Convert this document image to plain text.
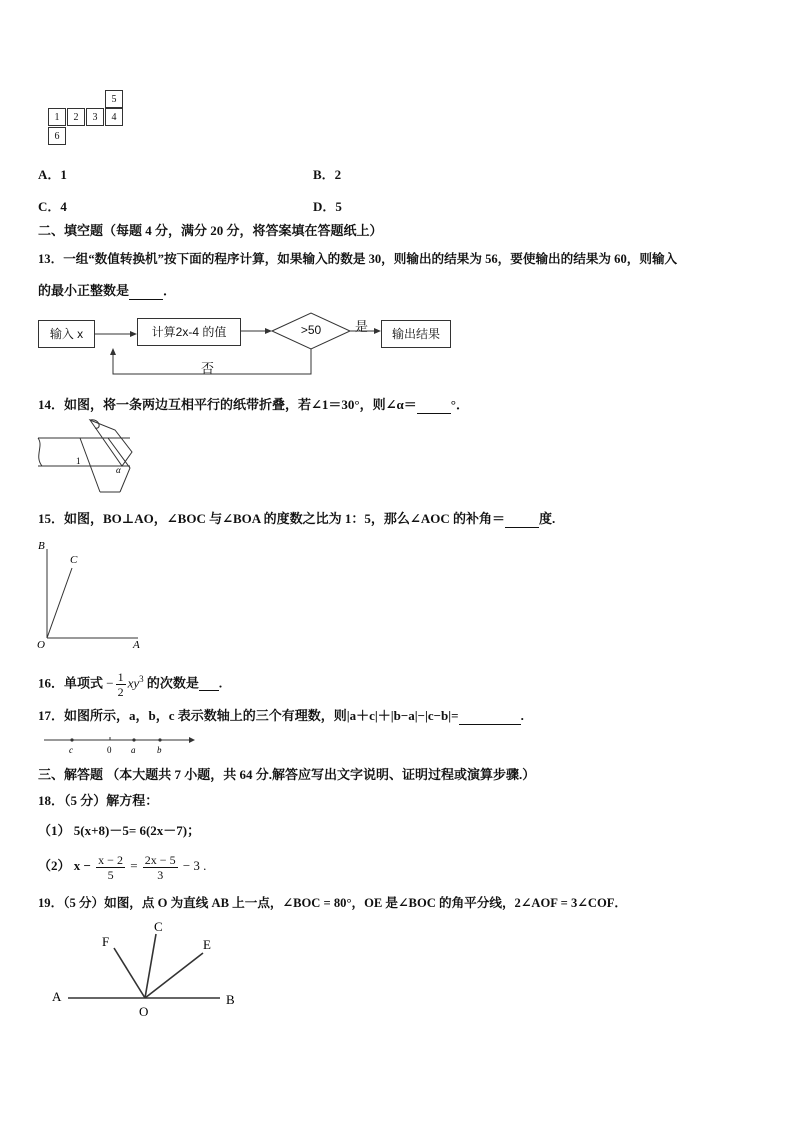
5
1	2	3	4
6
A．1	B．2
C．4	D．5
二、填空题（每题 4 分，满分 20 分，将答案填在答题纸上）
13．一组“数值转换机”按下面的程序计算，如果输入的数是 30，则输出的结果为 56，要使输出的结果为 60，则输入
的最小正整数是	．
输入 x	计算2x-4 的值	输出结果
>50	是
否
14．如图，将一条两边互相平行的纸带折叠，若∠1＝30°，则∠α＝	°．
1
α
15．如图，BO⊥AO，∠BOC 与∠BOA 的度数之比为 1：5，那么∠AOC 的补角＝	度.
B
C
O	A
16．单项式 − $\frac{1}{2} xy^3$ 的次数是 .
17．如图所示，a，b，c 表示数轴上的三个有理数，则|a＋c|＋|b−a|−|c−b|=	.
c	0 a b
三、解答题 （本大题共 7 小题，共 64 分.解答应写出文字说明、证明过程或演算步骤.）
18．（5 分）解方程：
（1） 5(x+8)－5= 6(2x－7)；
（2） $x - \frac{x - 2}{5} = \frac{2x - 5}{3} - 3$ .
19．（5 分）如图，点 O 为直线 AB 上一点，∠BOC = 80°，OE 是∠BOC 的角平分线，2∠AOF = 3∠COF．
A	B
O
F
C
E
